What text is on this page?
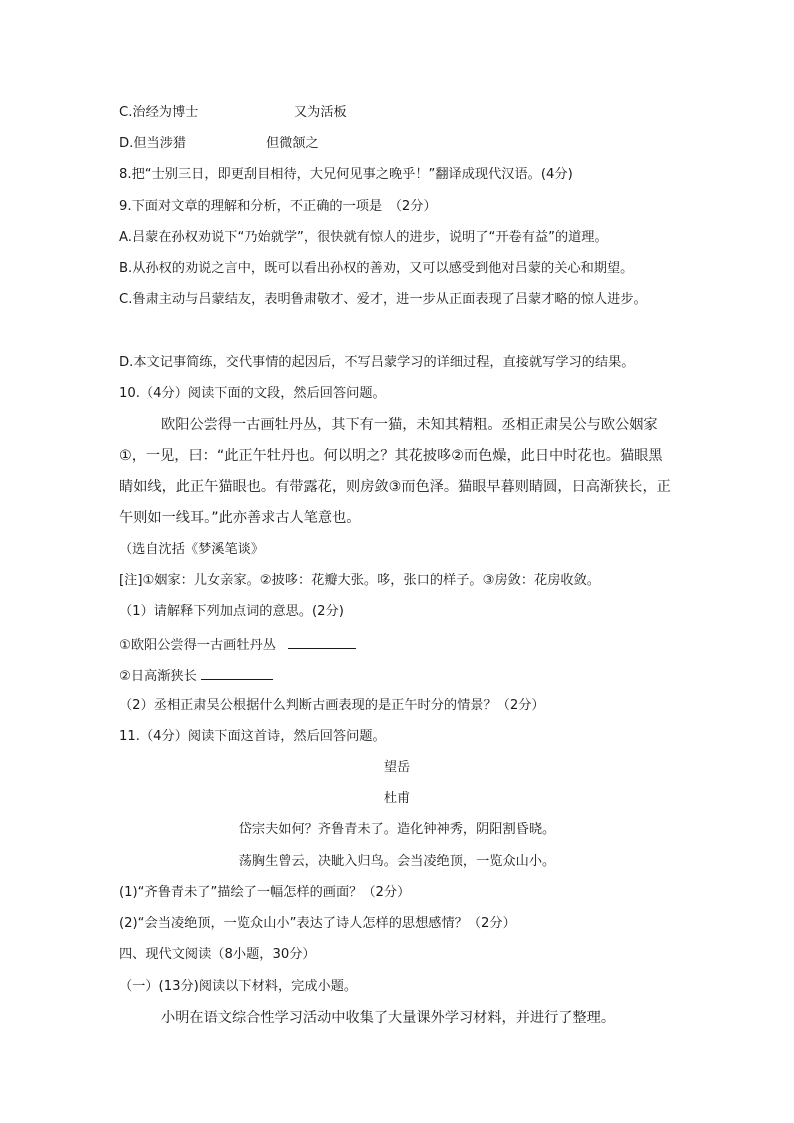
C.治经为博士	又为活板
D.但当涉猎	但微颔之
8.把“士别三日，即更刮目相待，大兄何见事之晚乎！”翻译成现代汉语。(4分)
9.下面对文章的理解和分析，不正确的一项是　（2分）
A.吕蒙在孙权劝说下“乃始就学”，很快就有惊人的进步，说明了“开卷有益”的道理。
B.从孙权的劝说之言中，既可以看出孙权的善劝，又可以感受到他对吕蒙的关心和期望。
C.鲁肃主动与吕蒙结友，表明鲁肃敬才、爱才，进一步从正面表现了吕蒙才略的惊人进步。
D.本文记事简练，交代事情的起因后，不写吕蒙学习的详细过程，直接就写学习的结果。
10.（4分）阅读下面的文段，然后回答问题。
欧阳公尝得一古画牡丹丛，其下有一猫，未知其精粗。丞相正肃吴公与欧公姻家
①，一见，曰：“此正午牡丹也。何以明之？其花披哆②而色燥，此日中时花也。猫眼黑
睛如线，此正午猫眼也。有带露花，则房敛③而色泽。猫眼早暮则睛圆，日高渐狭长，正
午则如一线耳。”此亦善求古人笔意也。
（选自沈括《梦溪笔谈》
[注]①姻家：儿女亲家。②披哆：花瓣大张。哆，张口的样子。③房敛：花房收敛。
（1）请解释下列加点词的意思。(2分)
①欧阳公尝得一古画牡丹丛
②日高渐狭长
（2）丞相正肃吴公根据什么判断古画表现的是正午时分的情景？（2分）
11.（4分）阅读下面这首诗，然后回答问题。
望岳
杜甫
岱宗夫如何？齐鲁青未了。造化钟神秀，阴阳割昏晓。
荡胸生曾云，决眦入归鸟。会当凌绝顶，一览众山小。
(1)“齐鲁青未了”描绘了一幅怎样的画面？（2分）
(2)“会当凌绝顶，一览众山小”表达了诗人怎样的思想感情？（2分）
四、现代文阅读（8小题，30分）
（一）(13分)阅读以下材料，完成小题。
小明在语文综合性学习活动中收集了大量课外学习材料，并进行了整理。
